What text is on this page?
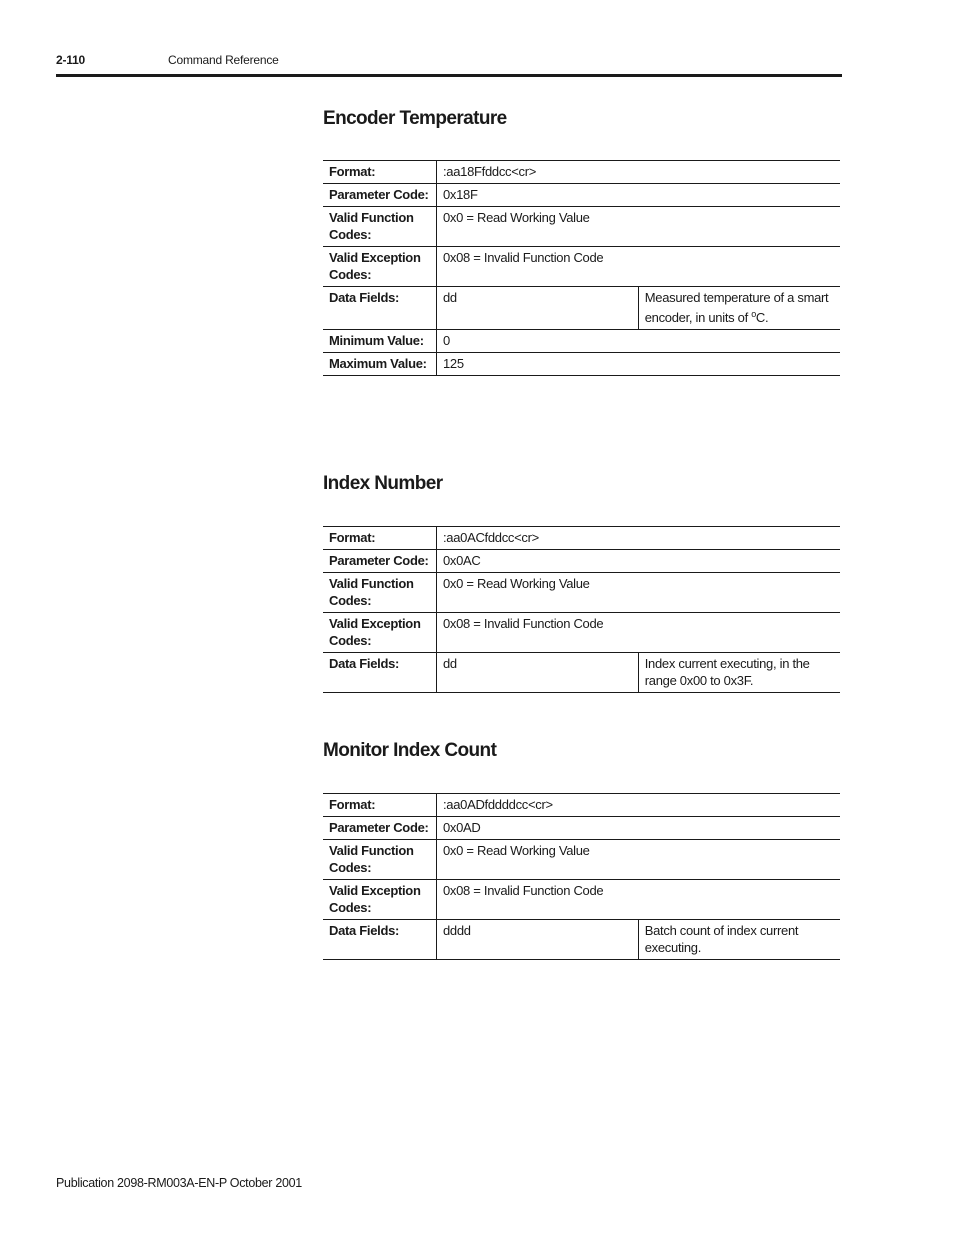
2-110	Command Reference
Encoder Temperature
Format:	:aa18Ffddcc<cr>	
Parameter Code:	0x18F	
Valid Function Codes:	0x0 = Read Working Value	
Valid Exception Codes:	0x08 = Invalid Function Code	
Data Fields:	dd	Measured temperature of a smart encoder, in units of $^o$C.
Minimum Value:	0	
Maximum Value:	125	
Index Number
Format:	:aa0ACfddcc<cr>	
Parameter Code:	0x0AC	
Valid Function Codes:	0x0 = Read Working Value	
Valid Exception Codes:	0x08 = Invalid Function Code	
Data Fields:	dd	Index current executing, in the range 0x00 to 0x3F.
Monitor Index Count
Format:	:aa0ADfddddcc<cr>	
Parameter Code:	0x0AD	
Valid Function Codes:	0x0 = Read Working Value	
Valid Exception Codes:	0x08 = Invalid Function Code	
Data Fields:	dddd	Batch count of index current executing.
Publication 2098-RM003A-EN-P October 2001
